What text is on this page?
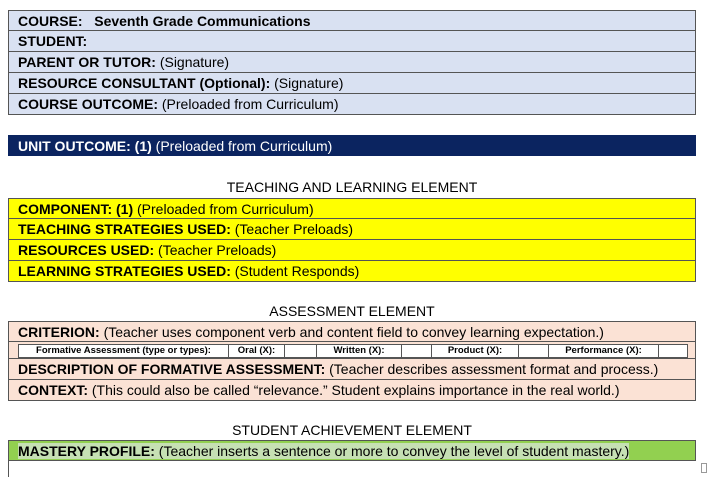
COURSE: Seventh Grade Communications
STUDENT:
PARENT OR TUTOR: (Signature)
RESOURCE CONSULTANT (Optional): (Signature)
COURSE OUTCOME: (Preloaded from Curriculum)
UNIT OUTCOME: (1) (Preloaded from Curriculum)
TEACHING AND LEARNING ELEMENT
COMPONENT: (1) (Preloaded from Curriculum)
TEACHING STRATEGIES USED: (Teacher Preloads)
RESOURCES USED: (Teacher Preloads)
LEARNING STRATEGIES USED: (Student Responds)
ASSESSMENT ELEMENT
CRITERION: (Teacher uses component verb and content field to convey learning expectation.)
Formative Assessment (type or types):	Oral (X):	Written (X):	Product (X):	Performance (X):
DESCRIPTION OF FORMATIVE ASSESSMENT: (Teacher describes assessment format and process.)
CONTEXT: (This could also be called “relevance.” Student explains importance in the real world.)
STUDENT ACHIEVEMENT ELEMENT
MASTERY PROFILE: (Teacher inserts a sentence or more to convey the level of student mastery.)
